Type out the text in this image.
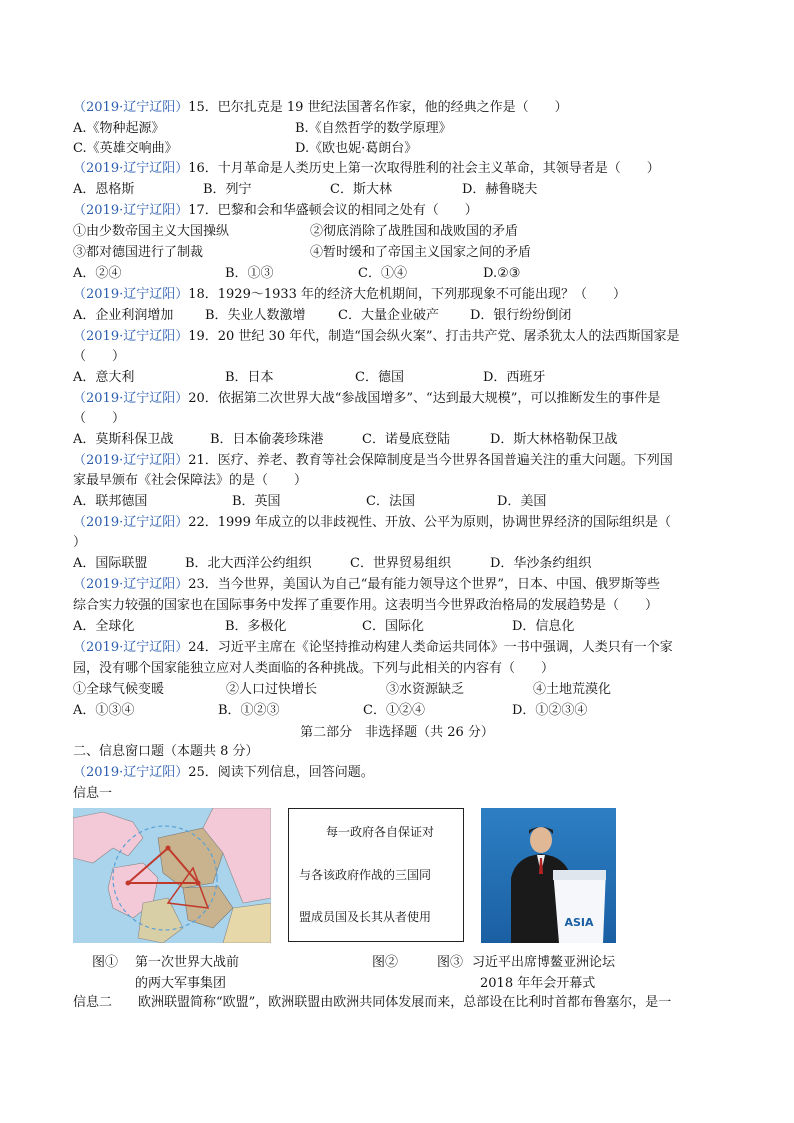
（2019·辽宁辽阳）15．巴尔扎克是 19 世纪法国著名作家，他的经典之作是（　　）
A.《物种起源》	B.《自然哲学的数学原理》
C.《英雄交响曲》	D.《欧也妮·葛朗台》
（2019·辽宁辽阳）16．十月革命是人类历史上第一次取得胜利的社会主义革命，其领导者是（　　）
A．恩格斯	B．列宁	C．斯大林	D．赫鲁晓夫
（2019·辽宁辽阳）17．巴黎和会和华盛顿会议的相同之处有（　　）
①由少数帝国主义大国操纵	②彻底消除了战胜国和战败国的矛盾
③都对德国进行了制裁	④暂时缓和了帝国主义国家之间的矛盾
A．②④	B．①③	C．①④	D.②③
（2019·辽宁辽阳）18．1929～1933 年的经济大危机期间，下列那现象不可能出现？（　　）
A．企业利润增加 B．失业人数激增 C．大量企业破产 D．银行纷纷倒闭
（2019·辽宁辽阳）19．20 世纪 30 年代，制造“国会纵火案”、打击共产党、屠杀犹太人的法西斯国家是
（　　）
A．意大利	B．日本	C．德国	D．西班牙
（2019·辽宁辽阳）20．依据第二次世界大战“参战国增多”、“达到最大规模”，可以推断发生的事件是
（　　）
A．莫斯科保卫战	B．日本偷袭珍珠港	C．诺曼底登陆	D．斯大林格勒保卫战
（2019·辽宁辽阳）21．医疗、养老、教育等社会保障制度是当今世界各国普遍关注的重大问题。下列国
家最早颁布《社会保障法》的是（　　）
A．联邦德国	B．英国	C．法国	D．美国
（2019·辽宁辽阳）22．1999 年成立的以非歧视性、开放、公平为原则，协调世界经济的国际组织是（
）
A．国际联盟	B．北大西洋公约组织	C．世界贸易组织	D．华沙条约组织
（2019·辽宁辽阳）23．当今世界，美国认为自己“最有能力领导这个世界”，日本、中国、俄罗斯等些
综合实力较强的国家也在国际事务中发挥了重要作用。这表明当今世界政治格局的发展趋势是（　　）
A．全球化	B．多极化	C．国际化	D．信息化
（2019·辽宁辽阳）24．习近平主席在《论坚持推动构建人类命运共同体》一书中强调，人类只有一个家
园，没有哪个国家能独立应对人类面临的各种挑战。下列与此相关的内容有（　　）
①全球气候变暖	②人口过快增长	③水资源缺乏	④土地荒漠化
A．①③④	B．①②③	C．①②④	D．①②③④
第二部分　非选择题（共 26 分）
二、信息窗口题（本题共 8 分）
（2019·辽宁辽阳）25．阅读下列信息，回答问题。
信息一
每一政府各自保证对
与各该政府作战的三国同
盟成员国及长其从者使用	ASIA
图① 第一次世界大战前
的两大军事集团
图②	图③ 习近平出席博鳌亚洲论坛
2018 年年会开幕式
信息二 欧洲联盟简称“欧盟”，欧洲联盟由欧洲共同体发展而来，总部设在比利时首都布鲁塞尔，是一
